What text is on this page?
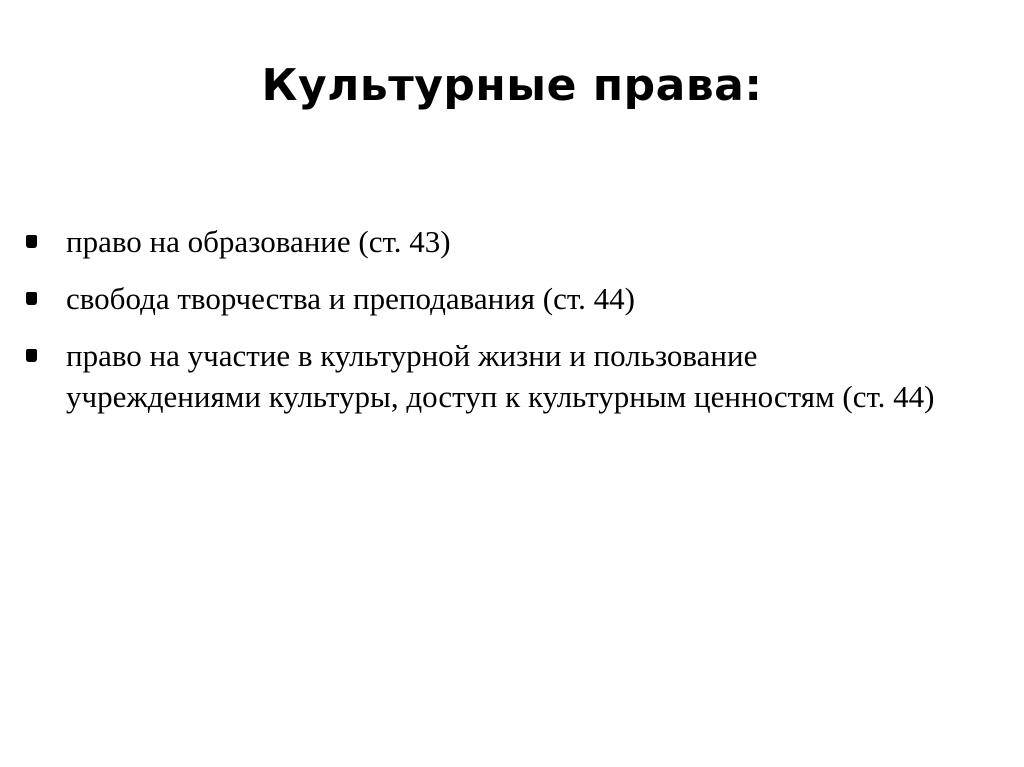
Культурные права:
право на образование (ст. 43)
свобода творчества и преподавания (ст. 44)
право на участие в культурной жизни и пользование учреждениями культуры, доступ к культурным ценностям (ст. 44)
